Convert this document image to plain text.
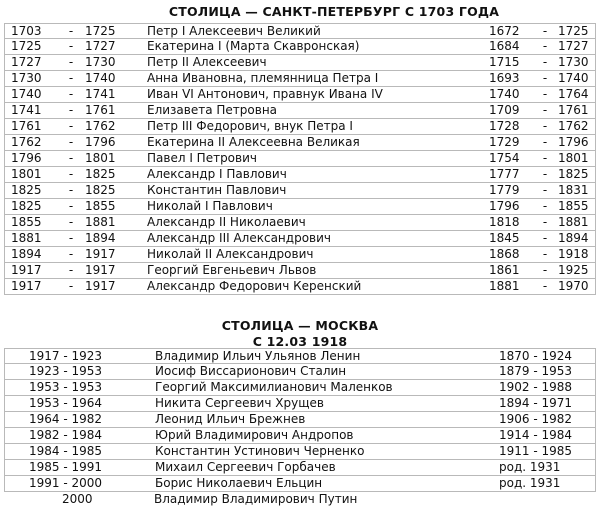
СТОЛИЦА — САНКТ-ПЕТЕРБУРГ С 1703 ГОДА
1703	- 1725	Петр I Алексеевич Великий	1672	- 1725
1725	- 1727	Екатерина I (Марта Скавронская)	1684	- 1727
1727	- 1730	Петр II Алексеевич	1715	- 1730
1730	- 1740	Анна Ивановна, племянница Петра I	1693	- 1740
1740	- 1741	Иван VI Антонович, правнук Ивана IV	1740	- 1764
1741	- 1761	Елизавета Петровна	1709	- 1761
1761	- 1762	Петр III Федорович, внук Петра I	1728	- 1762
1762	- 1796	Екатерина II Алексеевна Великая	1729	- 1796
1796	- 1801	Павел I Петрович	1754	- 1801
1801	- 1825	Александр I Павлович	1777	- 1825
1825	- 1825	Константин Павлович	1779	- 1831
1825	- 1855	Николай I Павлович	1796	- 1855
1855	- 1881	Александр II Николаевич	1818	- 1881
1881	- 1894	Александр III Александрович	1845	- 1894
1894	- 1917	Николай II Александрович	1868	- 1918
1917	- 1917	Георгий Евгеньевич Львов	1861	- 1925
1917	- 1917	Александр Федорович Керенский	1881	- 1970
СТОЛИЦА — МОСКВА
С 12.03 1918
1917 - 1923	Владимир Ильич Ульянов Ленин	1870 - 1924
1923 - 1953	Иосиф Виссарионович Сталин	1879 - 1953
1953 - 1953	Георгий Максимилианович Маленков	1902 - 1988
1953 - 1964	Никита Сергеевич Хрущев	1894 - 1971
1964 - 1982	Леонид Ильич Брежнев	1906 - 1982
1982 - 1984	Юрий Владимирович Андропов	1914 - 1984
1984 - 1985	Константин Устинович Черненко	1911 - 1985
1985 - 1991	Михаил Сергеевич Горбачев	род. 1931
1991 - 2000	Борис Николаевич Ельцин	род. 1931
2000	Владимир Владимирович Путин
